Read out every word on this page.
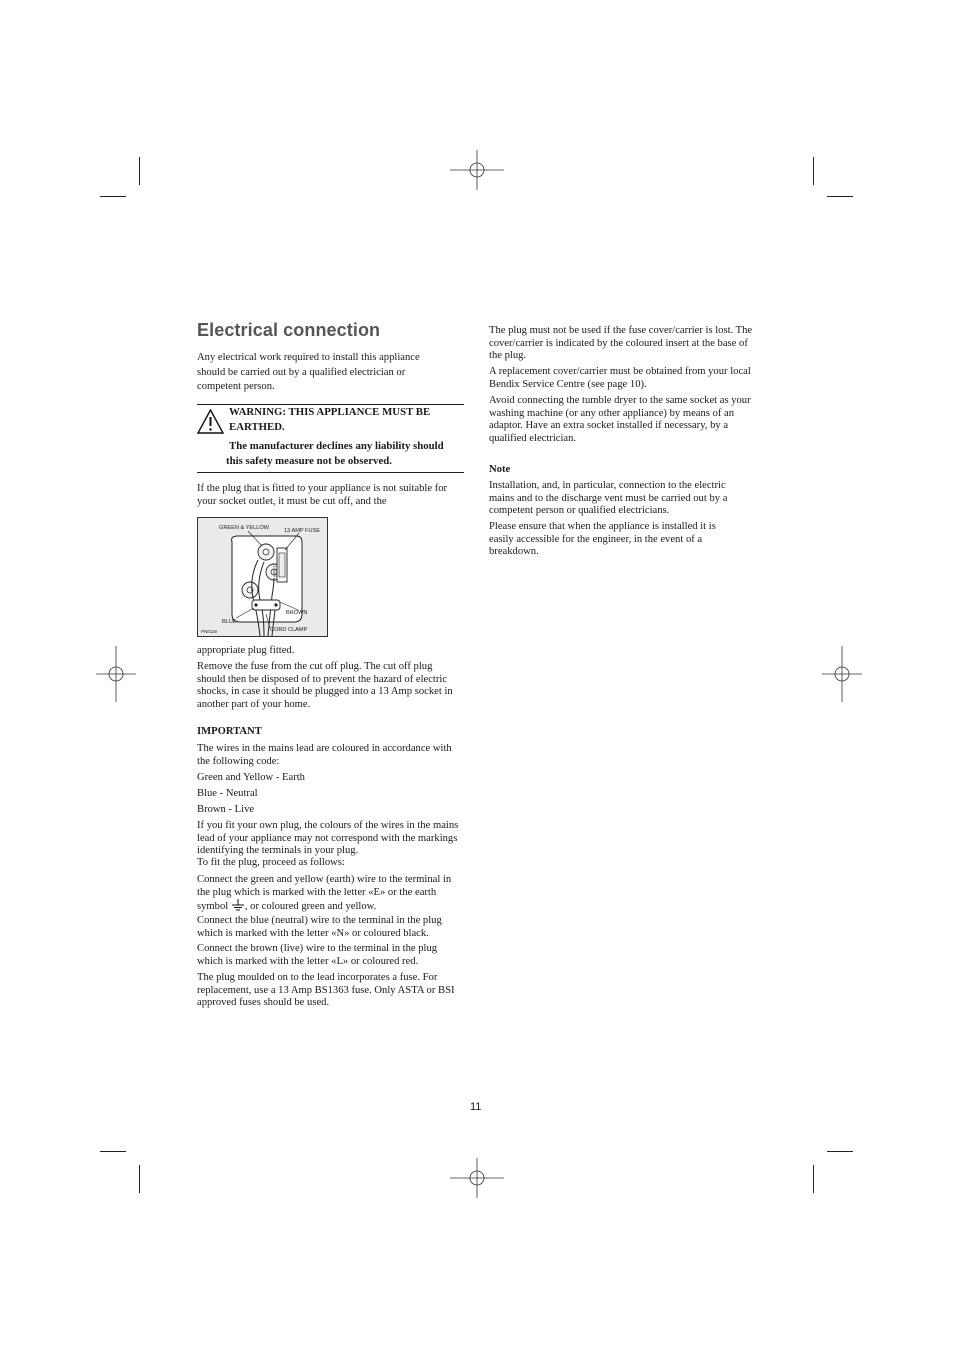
Electrical connection

Any electrical work required to install this appliance should be carried out by a qualified electrician or competent person.

WARNING: THIS APPLIANCE MUST BE

EARTHED.

The manufacturer declines any liability should

this safety measure not be observed.

If the plug that is fitted to your appliance is not suitable for your socket outlet, it must be cut off, and the

GREEN & YELLOW	13 AMP FUSE
13 AMP
BROWN
BLUE
CORD CLAMP
PN012e

appropriate plug fitted.

Remove the fuse from the cut off plug. The cut off plug should then be disposed of to prevent the hazard of electric shocks, in case it should be plugged into a 13 Amp socket in another part of your home.

IMPORTANT

The wires in the mains lead are coloured in accordance with the following code:

Green and Yellow - Earth

Blue - Neutral

Brown - Live

If you fit your own plug, the colours of the wires in the mains lead of your appliance may not correspond with the markings identifying the terminals in your plug.

To fit the plug, proceed as follows:

Connect the green and yellow (earth) wire to the terminal in the plug which is marked with the letter «E» or the earth symbol , or coloured green and yellow.

Connect the blue (neutral) wire to the terminal in the plug which is marked with the letter «N» or coloured black.

Connect the brown (live) wire to the terminal in the plug which is marked with the letter «L» or coloured red.

The plug moulded on to the lead incorporates a fuse. For replacement, use a 13 Amp BS1363 fuse. Only ASTA or BSI approved fuses should be used.

The plug must not be used if the fuse cover/carrier is lost. The cover/carrier is indicated by the coloured insert at the base of the plug.

A replacement cover/carrier must be obtained from your local Bendix Service Centre (see page 10).

Avoid connecting the tumble dryer to the same socket as your washing machine (or any other appliance) by means of an adaptor. Have an extra socket installed if necessary, by a qualified electrician.

Note

Installation, and, in particular, connection to the electric mains and to the discharge vent must be carried out by a competent person or qualified electricians.

Please ensure that when the appliance is installed it is easily accessible for the engineer, in the event of a breakdown.

11
